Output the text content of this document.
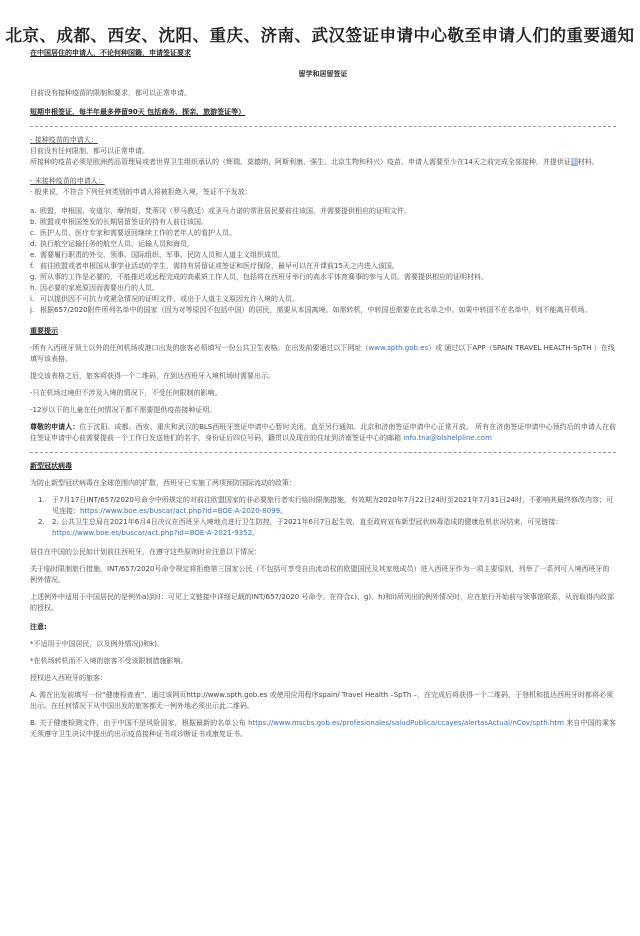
北京、成都、西安、沈阳、重庆、济南、武汉签证申请中心敬至申请人们的重要通知

在中国居住的申请人，不论何种国籍，申请签证要求

留学和居留签证

目前没有接种疫苗的限制和要求，都可以正常申请。

短期申根签证，每半年最多停留90天 包括商务、探亲、旅游签证等）

- 接种疫苗的申请人：

目前没有任何限制，都可以正常申请。

所接种的疫苗必须是欧洲药品管理局或者世界卫生组织承认的（辉瑞、莫德纳、阿斯利康、强生、北京生物和科兴）疫苗。申请人需要至少在14天之前完成全部接种，并提供证明材料。

- 未接种疫苗的申请人：

- 般来说，不符合下列任何类别的申请人将被拒绝入境，签证不予发放：

a. 欧盟、申根国、安道尔、摩纳哥、梵蒂冈（罗马教廷）或圣马力诺的常驻居民要前往该国，并需要提供相应的证明文件。
b. 欧盟或申根国签发的长期居留签证的持有人前往该国。
c. 医护人员、医疗专家和需要返回继续工作的老年人的看护人员。
d. 执行航空运输任务的航空人员、运输人员和海员。
e. 需要履行职责的外交、领事、国际组织、军事、民防人员和人道主义组织成员。
f. 前往欧盟或者申根国从事学业活动的学生，需持有居留证或签证和医疗保险，最早可以在开课前15天之内进入该国。
g. 所从事的工作是必要的，不能推迟或远程完成的高素质工作人员，包括将在西班牙举行的高水平体育赛事的参与人员。需要提供相应的证明材料。
h. 因必要的家庭原因而需要出行的人员。
i. 可以提供因不可抗力或紧急情况的证明文件，或出于人道主义原因允许入境的人员。
j. 根据657/2020附件所列名单中的国家（因为对等原因不包括中国）的居民，需要从本国离境。如需转机，中转国也需要在此名单之中。如果中转国不在名单中，则不能离开机场。

重要提示

-所有入西班牙领土以外的任何机场或港口出发的旅客必须填写一份公共卫生表格。在出发前要通过以下网址（www.spth.gob.es）或 通过以下APP（SPAIN TRAVEL HEALTH-SpTH ）在线填写该表格。

提交该表格之后，旅客将获得一个二维码，在到达西班牙入境机场时需要出示。

-只在机场过境但不涉及入境的情况下，不受任何限制的影响。

-12岁以下的儿童在任何情况下都不需要提供疫苗接种证明。

尊敬的申请人：位于沈阳、成都、西安、重庆和武汉的BLS西班牙签证申请中心暂时关闭，直至另行通知。北京和济南签证申请中心正常开放。 所有在济南签证申请中心预约后的申请人在前往签证申请中心前需要提前一个工作日发送他们的名字，身份证后四位号码，籍贯以及现在的住址到济南签证中心的邮箱 info.tna@blshelpline.com

新型冠状病毒

为防止新型冠状病毒在全球范围内的扩散，西班牙已实施了两项预防国际流动的政策：

1. 于7月17日INT/657/2020号命令中所规定的对前往欧盟国家的非必要旅行者实行临时限制措施，有效期为2020年7月22日24时至2021年7月31日24时，不影响其最终修改内容；可见连接：https://www.boe.es/buscar/act.php?id=BOE-A-2020-8099。
2. 2. 公共卫生总局在2021年6月4日决议在西班牙入境地点进行卫生防控，于2021年6月7日起生效，直至政府宣布新型冠状病毒造成的健康危机状况结束，可见链接：https://www.boe.es/buscar/act.php?id=BOE-A-2021-9352。

居住在中国的公民如计划前往西班牙，在遵守这些原则时应注意以下情况：

关于临时限制旅行措施，INT/657/2020号命令规定将拒绝第三国家公民（不包括可享受自由流动权的欧盟国民及其家庭成员）进入西班牙作为一项主要原则，列举了一系列可入境西班牙的例外情况。

上述例外中适用于中国居民的是例外a)到i)：可见上文链接中详细记载的INT/657/2020 号命令。在符合c)、g)、h)和i)所列出的例外情况时，应在旅行开始前与领事馆联系，从而取得内政部的授权。

注意:

*不适用于中国居民，以及例外情况j)和k)。

*在机场转机而不入境的旅客不受该限制措施影响。

授权进入西班牙的旅客：

A. 需在出发前填写一份“健康检查表”，通过该网页http://www.spth.gob.es 或使用应用程序spain/ Travel Health –SpTh –，在完成后将获得一个二维码，于登机和抵达西班牙时都将必须出示。在任何情况下从中国出发的旅客都无一例外地必须出示此二维码。

B. 关于健康检测文件，由于中国不是风险国家，根据最新的名单公布 https://www.mscbs.gob.es/profesionales/saludPublica/ccayes/alertasActual/nCov/spth.htm 来自中国的乘客无须遵守卫生决议中提出的出示疫苗接种证书或诊断证书或康复证书。
